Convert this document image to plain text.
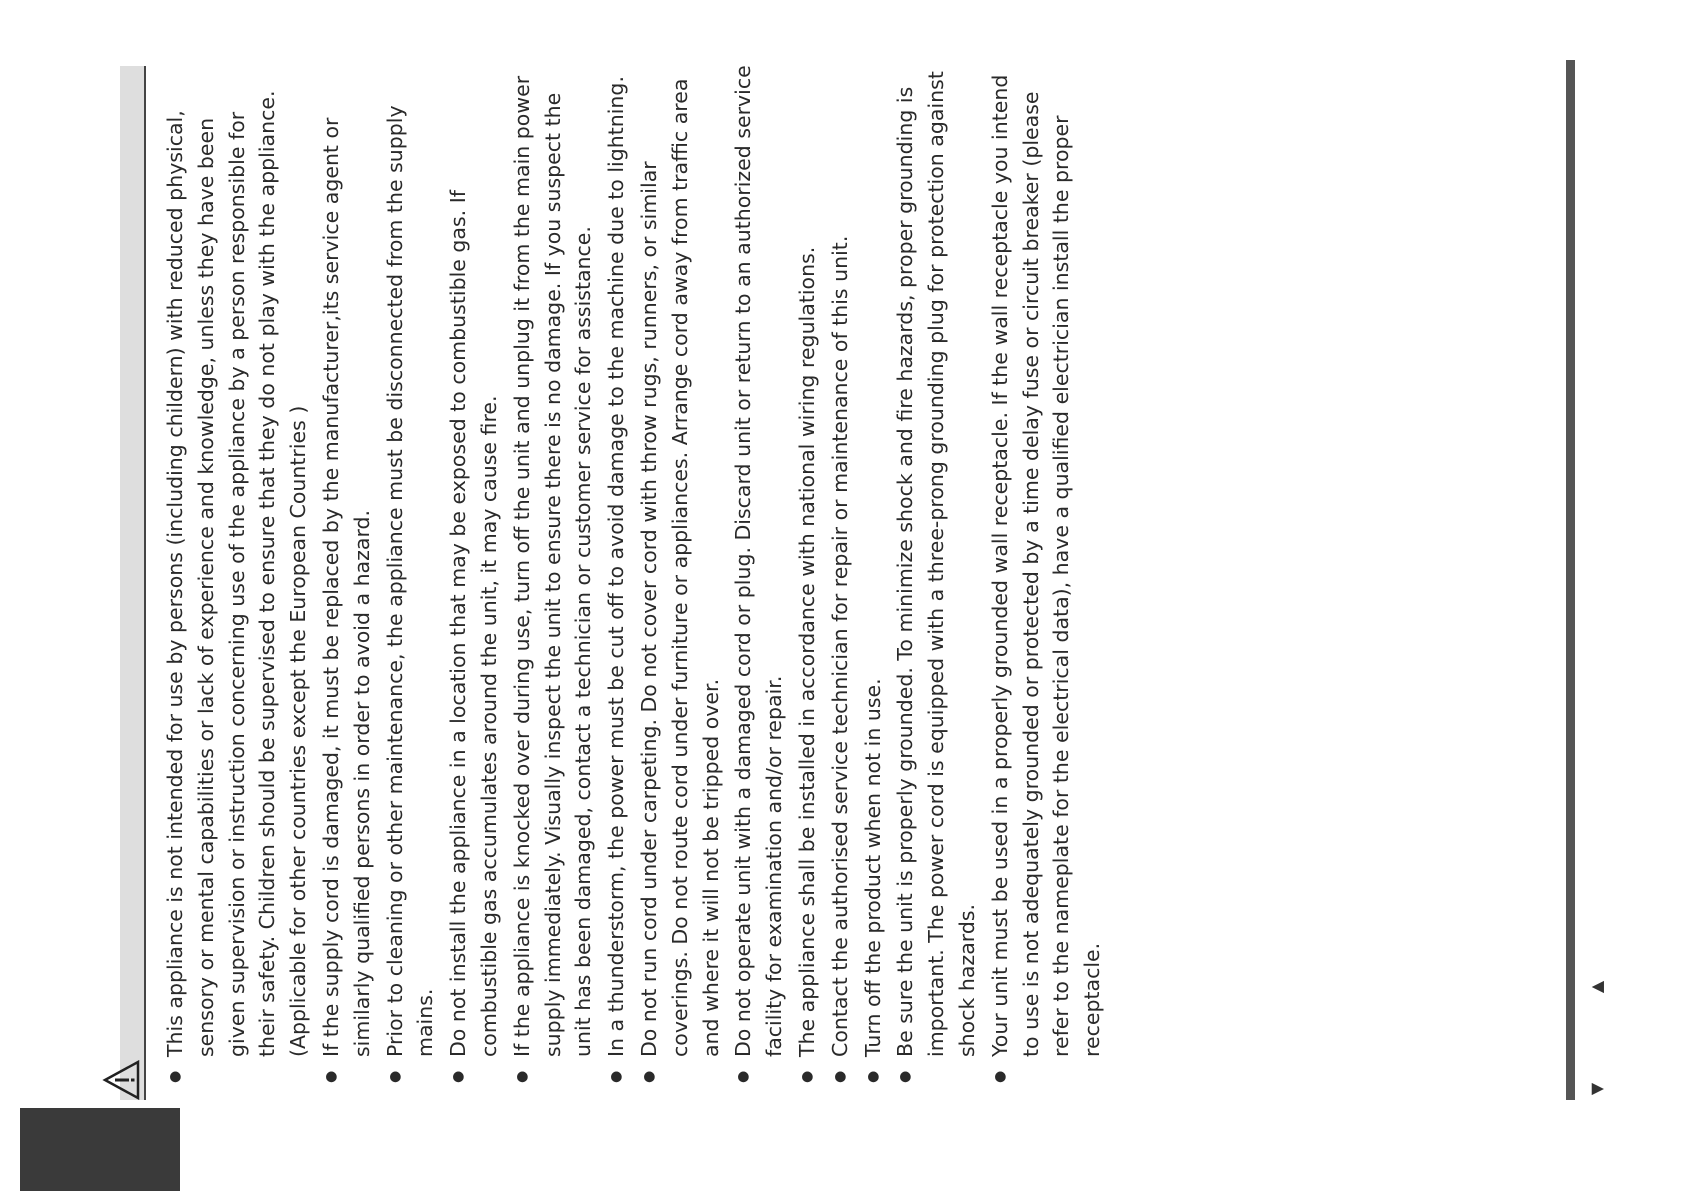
▲
▼
● This appliance is not intended for use by persons (including childern) with reduced physical, sensory or mental capabilities or lack of experience and knowledge, unless they have been given supervision or instruction concerning use of the appliance by a person responsible for their safety. Children should be supervised to ensure that they do not play with the appliance. (Applicable for other countries except the European Countries ) ● If the supply cord is damaged, it must be replaced by the manufacturer,its service agent or similarly qualified persons in order to avoid a hazard. ● Prior to cleaning or other maintenance, the appliance must be disconnected from the supply mains. ● Do not install the appliance in a location that may be exposed to combustible gas. If combustible gas accumulates around the unit, it may cause fire. ● If the appliance is knocked over during use, turn off the unit and unplug it from the main power supply immediately. Visually inspect the unit to ensure there is no damage. If you suspect the unit has been damaged, contact a technician or customer service for assistance. ● In a thunderstorm, the power must be cut off to avoid damage to the machine due to lightning. ● Do not run cord under carpeting. Do not cover cord with throw rugs, runners, or similar coverings. Do not route cord under furniture or appliances. Arrange cord away from traffic area and where it will not be tripped over. ● Do not operate unit with a damaged cord or plug. Discard unit or return to an authorized service facility for examination and/or repair. ● The appliance shall be installed in accordance with national wiring regulations. ● Contact the authorised service technician for repair or maintenance of this unit. ● Turn off the product when not in use. ● Be sure the unit is properly grounded. To minimize shock and fire hazards, proper grounding is important. The power cord is equipped with a three-prong grounding plug for protection against shock hazards. ● Your unit must be used in a properly grounded wall receptacle. If the wall receptacle you intend to use is not adequately grounded or protected by a time delay fuse or circuit breaker (please refer to the nameplate for the electrical data), have a qualified electrician install the proper receptacle.
